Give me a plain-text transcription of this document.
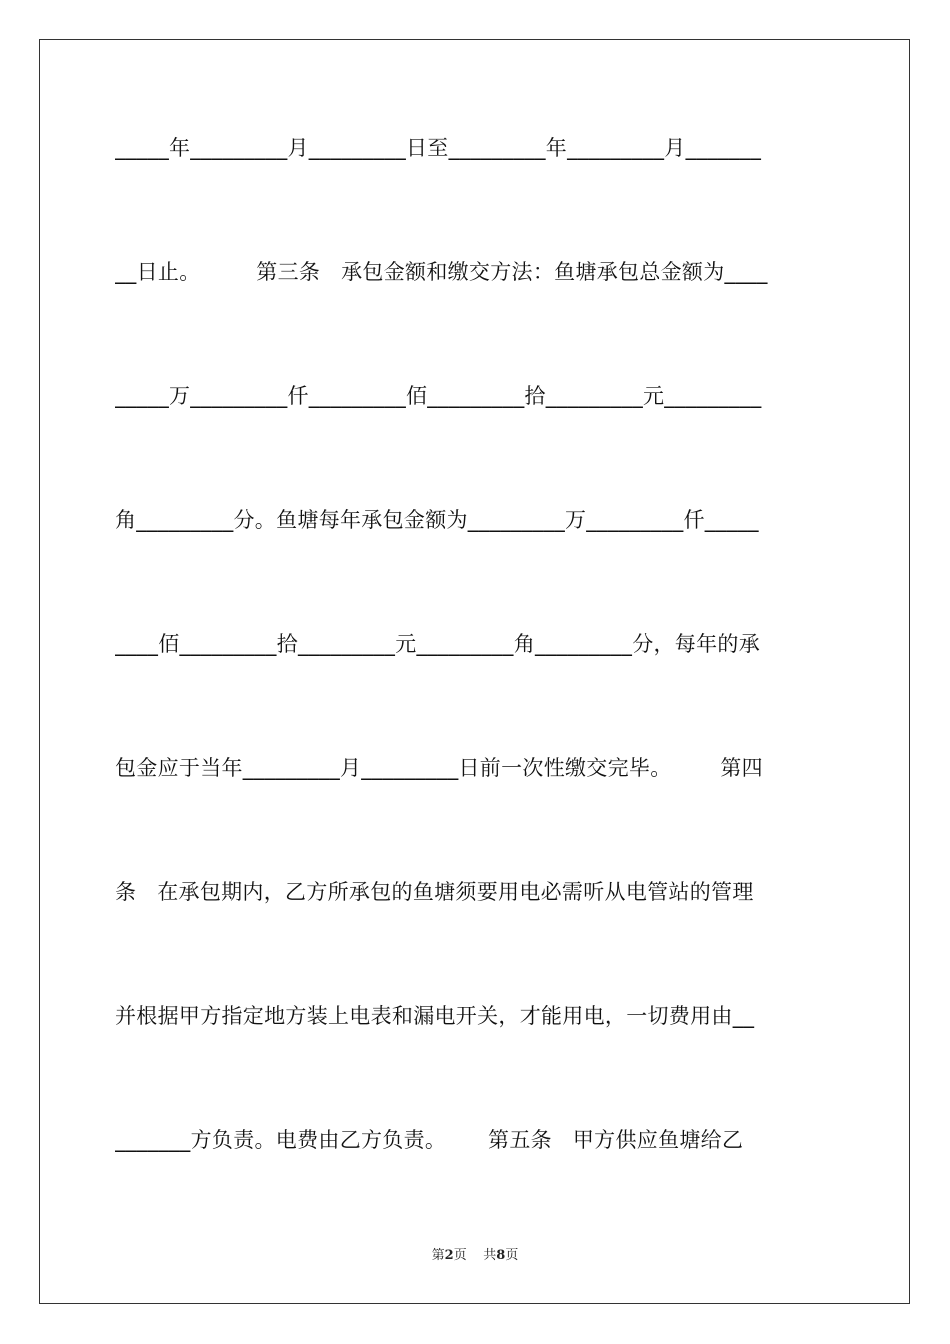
_____年_________月_________日至_________年_________月_______
__日止。        第三条   承包金额和缴交方法：鱼塘承包总金额为____
_____万_________仟_________佰_________拾_________元_________
角_________分。鱼塘每年承包金额为_________万_________仟_____
____佰_________拾_________元_________角_________分，每年的承
包金应于当年_________月_________日前一次性缴交完毕。       第四
条   在承包期内，乙方所承包的鱼塘须要用电必需听从电管站的管理
并根据甲方指定地方装上电表和漏电开关，才能用电，一切费用由__
_______方负责。电费由乙方负责。      第五条   甲方供应鱼塘给乙
第2页 共8页
